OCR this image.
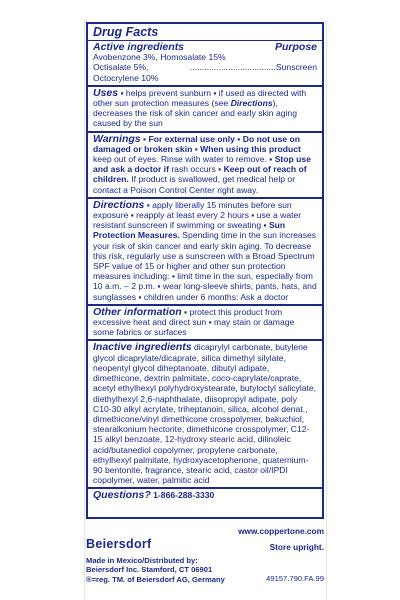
Drug Facts
Active ingredients	Purpose
Avobenzone 3%, Homosalate 15%
Octisalate 5%, Octocrylene 10%
.................................... Sunscreen
Uses ▪ helps prevent sunburn ▪ if used as directed with other sun protection measures (see Directions), decreases the risk of skin cancer and early skin aging caused by the sun
Warnings ▪ For external use only ▪ Do not use on damaged or broken skin ▪ When using this product keep out of eyes. Rinse with water to remove. ▪ Stop use and ask a doctor if rash occurs ▪ Keep out of reach of children. If product is swallowed, get medical help or contact a Poison Control Center right away.
Directions ▪ apply liberally 15 minutes before sun exposure ▪ reapply at least every 2 hours ▪ use a water resistant sunscreen if swimming or sweating ▪ Sun Protection Measures. Spending time in the sun increases your risk of skin cancer and early skin aging. To decrease this risk, regularly use a sunscreen with a Broad Spectrum SPF value of 15 or higher and other sun protection measures including: ▪ limit time in the sun, especially from 10 a.m. – 2 p.m. ▪ wear long-sleeve shirts, pants, hats, and sunglasses ▪ children under 6 months: Ask a doctor
Other information ▪ protect this product from excessive heat and direct sun ▪ may stain or damage some fabrics or surfaces
Inactive ingredients dicaprylyl carbonate, butylene glycol dicaprylate/dicaprate, silica dimethyl silylate, neopentyl glycol diheptanoate, dibutyl adipate, dimethicone, dextrin palmitate, coco-caprylate/caprate, acetyl ethylhexyl polyhydroxystearate, butyloctyl salicylate, diethylhexyl 2,6-naphthalate, diisopropyl adipate, poly C10-30 alkyl acrylate, triheptanoin, silica, alcohol denat., dimethicone/vinyl dimethicone crosspolymer, bakuchiol, stearalkonium hectorite, dimethicone crosspolymer, C12-15 alkyl benzoate, 12-hydroxy stearic acid, dilinoleic acid/butanediol copolymer, propylene carbonate, ethylhexyl palmitate, hydroxyacetophenone, quaternium-90 bentonite, fragrance, stearic acid, castor oil/IPDI copolymer, water, palmitic acid
Questions? 1-866-288-3330
www.coppertone.com
Beiersdorf	Store upright.
Made in Mexico/Distributed by:
Beiersdorf Inc. Stamford, CT 06901
®=reg. TM. of Beiersdorf AG, Germany	49157.790.FA.99
